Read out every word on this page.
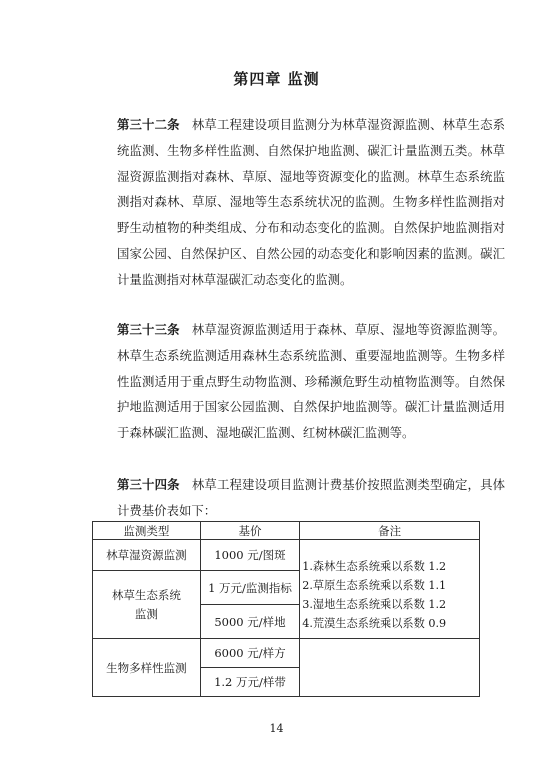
第四章 监测
第三十二条 林草工程建设项目监测分为林草湿资源监测、林草生态系统监测、生物多样性监测、自然保护地监测、碳汇计量监测五类。林草湿资源监测指对森林、草原、湿地等资源变化的监测。林草生态系统监测指对森林、草原、湿地等生态系统状况的监测。生物多样性监测指对野生动植物的种类组成、分布和动态变化的监测。自然保护地监测指对国家公园、自然保护区、自然公园的动态变化和影响因素的监测。碳汇计量监测指对林草湿碳汇动态变化的监测。
第三十三条 林草湿资源监测适用于森林、草原、湿地等资源监测等。林草生态系统监测适用森林生态系统监测、重要湿地监测等。生物多样性监测适用于重点野生动物监测、珍稀濒危野生动植物监测等。自然保护地监测适用于国家公园监测、自然保护地监测等。碳汇计量监测适用于森林碳汇监测、湿地碳汇监测、红树林碳汇监测等。
第三十四条 林草工程建设项目监测计费基价按照监测类型确定，具体计费基价表如下：
监测类型	基价	备注
林草湿资源监测	1000 元/图斑	1.森林生态系统乘以系数 1.2
2.草原生态系统乘以系数 1.1
3.湿地生态系统乘以系数 1.2
4.荒漠生态系统乘以系数 0.9

林草生态系统监测	1 万元/监测指标	
	5000 元/样地	
生物多样性监测	6000 元/样方	
	1.2 万元/样带	
14
